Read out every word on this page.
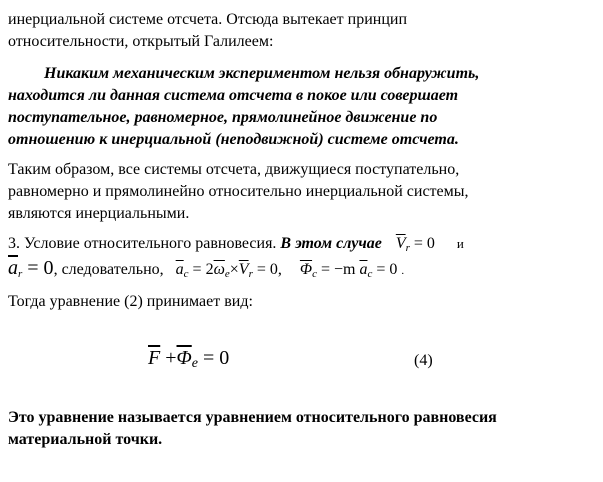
инерциальной системе отсчета. Отсюда вытекает принцип
относительности, открытый Галилеем:
Никаким механическим экспериментом нельзя обнаружить,
находится ли данная система отсчета в покое или совершает
поступательное, равномерное, прямолинейное движение по
отношению к инерциальной (неподвижной) системе отсчета.
Таким образом, все системы отсчета, движущиеся поступательно,
равномерно и прямолинейно относительно инерциальной системы,
являются инерциальными.
3. Условие относительного равновесия. В этом случае $\overline{V}_r = 0$ и
$\overline{a}_r = 0$, следовательно, $\overline{a}_c = 2\overline{\omega}_e\times\overline{V}_r = 0$, $\overline{\Phi}_c = -m$ $\overline{a}_c = 0$ .
Тогда уравнение (2) принимает вид:
$\overline{F} +\overline{\Phi}_e = 0$	(4)
Это уравнение называется уравнением относительного равновесия
материальной точки.
